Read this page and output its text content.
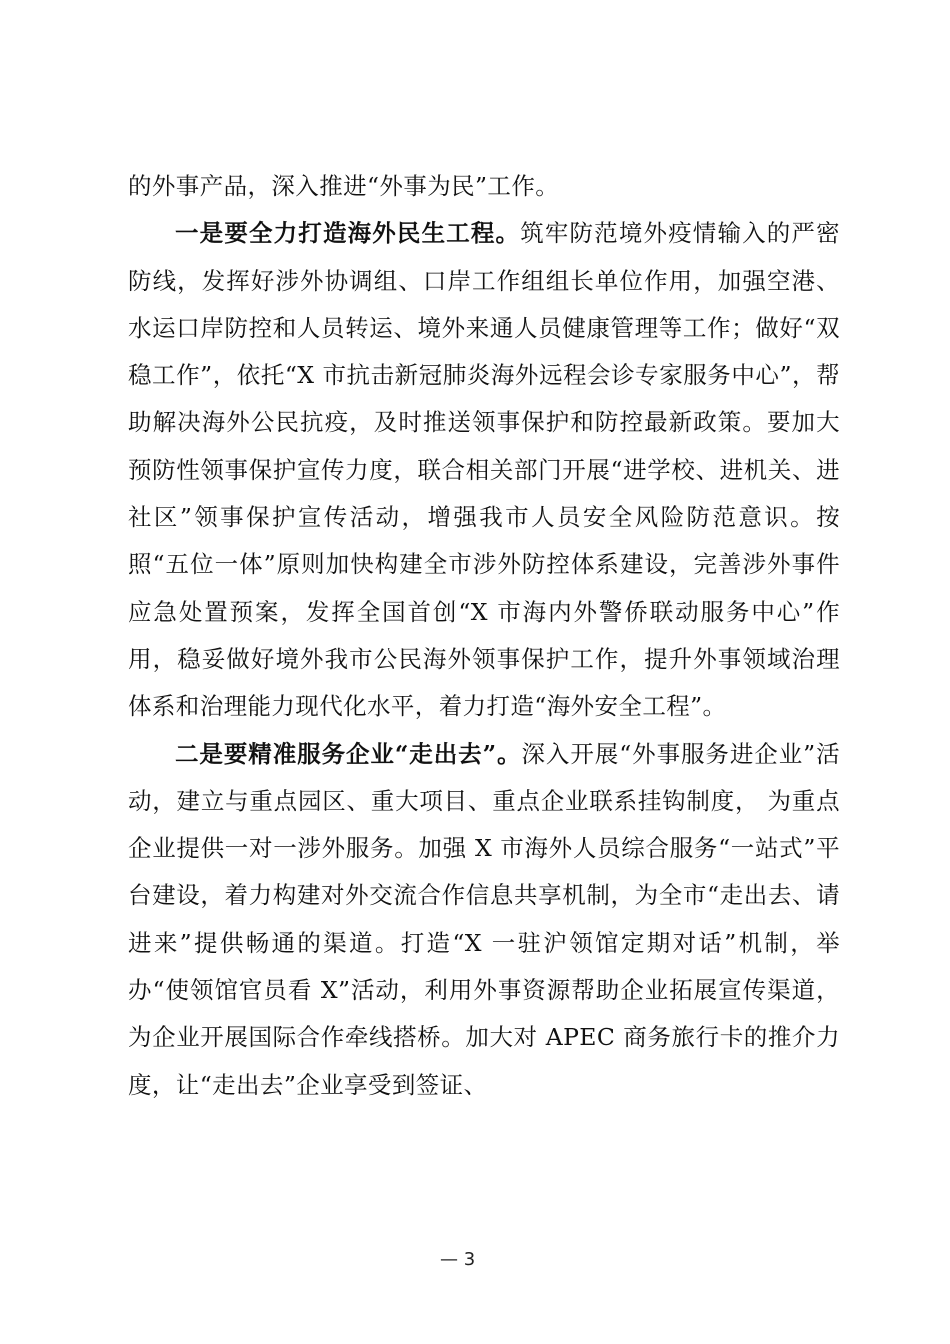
的外事产品，深入推进“外事为民”工作。

一是要全力打造海外民生工程。筑牢防范境外疫情输入的严密防线，发挥好涉外协调组、口岸工作组组长单位作用，加强空港、水运口岸防控和人员转运、境外来通人员健康管理等工作；做好“双稳工作”，依托“X 市抗击新冠肺炎海外远程会诊专家服务中心”，帮助解决海外公民抗疫，及时推送领事保护和防控最新政策。要加大预防性领事保护宣传力度，联合相关部门开展“进学校、进机关、进社区”领事保护宣传活动，增强我市人员安全风险防范意识。按照“五位一体”原则加快构建全市涉外防控体系建设，完善涉外事件应急处置预案，发挥全国首创“X 市海内外警侨联动服务中心”作用，稳妥做好境外我市公民海外领事保护工作，提升外事领域治理体系和治理能力现代化水平，着力打造“海外安全工程”。

二是要精准服务企业“走出去”。深入开展“外事服务进企业”活动，建立与重点园区、重大项目、重点企业联系挂钩制度， 为重点企业提供一对一涉外服务。加强 X 市海外人员综合服务“一站式”平台建设，着力构建对外交流合作信息共享机制，为全市“走出去、请进来”提供畅通的渠道。打造“X 一驻沪领馆定期对话”机制，举办“使领馆官员看 X”活动，利用外事资源帮助企业拓展宣传渠道，为企业开展国际合作牵线搭桥。加大对 APEC 商务旅行卡的推介力度，让“走出去”企业享受到签证、

— 3
